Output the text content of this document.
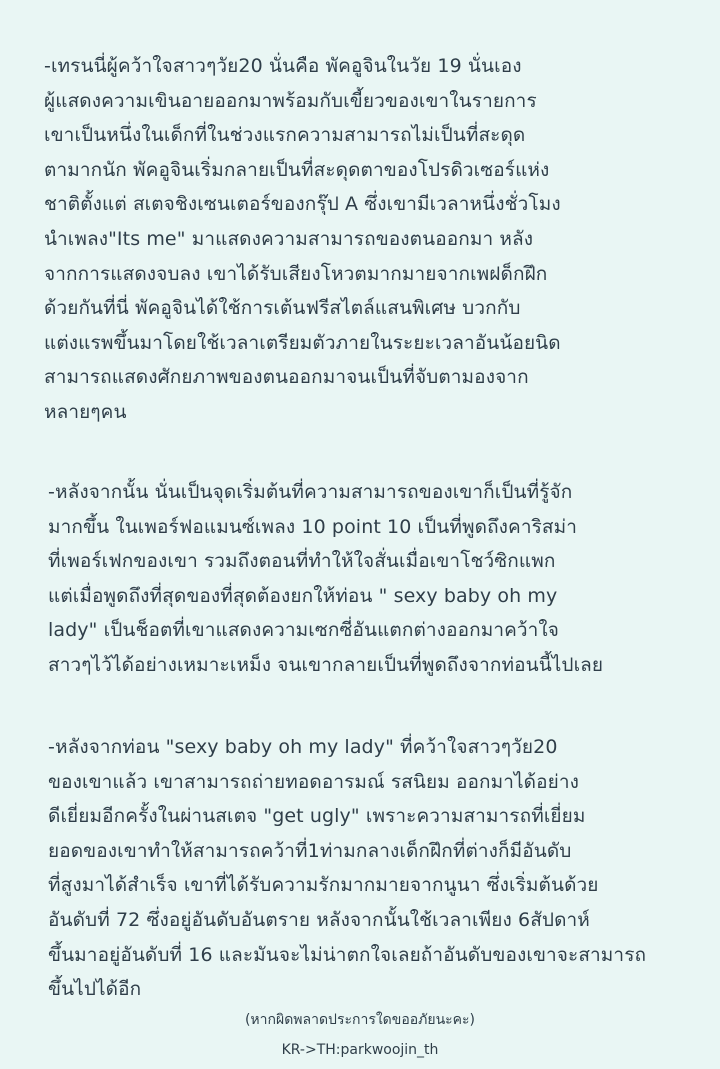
-เทรนนี่ผู้คว้าใจสาวๆวัย20 นั่นคือ พัคอูจินในวัย 19 นั่นเอง
ผู้แสดงความเขินอายออกมาพร้อมกับเขี้ยวของเขาในรายการ
เขาเป็นหนึ่งในเด็กที่ในช่วงแรกความสามารถไม่เป็นที่สะดุด
ตามากนัก พัคอูจินเริ่มกลายเป็นที่สะดุดตาของโปรดิวเซอร์แห่ง
ชาติตั้งแต่ สเตจชิงเซนเตอร์ของกรุ๊ป A ซึ่งเขามีเวลาหนึ่งชั่วโมง
นำเพลง"Its me" มาแสดงความสามารถของตนออกมา หลัง
จากการแสดงจบลง เขาได้รับเสียงโหวตมากมายจากเพฝด็กฝึก
ด้วยกันที่นี่ พัคอูจินได้ใช้การเต้นฟรีสไตล์แสนพิเศษ บวกกับ
แต่งแรพขึ้นมาโดยใช้เวลาเตรียมตัวภายในระยะเวลาอันน้อยนิด
สามารถแสดงศักยภาพของตนออกมาจนเป็นที่จับตามองจาก
หลายๆคน
-หลังจากนั้น นั่นเป็นจุดเริ่มต้นที่ความสามารถของเขาก็เป็นที่รู้จัก
มากขึ้น ในเพอร์ฟอแมนซ์เพลง 10 point 10 เป็นที่พูดถึงคาริสม่า
ที่เพอร์เฟกของเขา รวมถึงตอนที่ทำให้ใจสั่นเมื่อเขาโชว์ซิกแพก
แต่เมื่อพูดถึงที่สุดของที่สุดต้องยกให้ท่อน " sexy baby oh my
lady" เป็นช็อตที่เขาแสดงความเซกซี่อันแตกต่างออกมาคว้าใจ
สาวๆไว้ได้อย่างเหมาะเหม็ง จนเขากลายเป็นที่พูดถึงจากท่อนนี้ไปเลย
-หลังจากท่อน "sexy baby oh my lady" ที่คว้าใจสาวๆวัย20
ของเขาแล้ว เขาสามารถถ่ายทอดอารมณ์ รสนิยม ออกมาได้อย่าง
ดีเยี่ยมอีกครั้งในผ่านสเตจ "get ugly" เพราะความสามารถที่เยี่ยม
ยอดของเขาทำให้สามารถคว้าที่1ท่ามกลางเด็กฝึกที่ต่างก็มีอันดับ
ที่สูงมาได้สำเร็จ เขาที่ได้รับความรักมากมายจากนูนา ซึ่งเริ่มต้นด้วย
อันดับที่ 72 ซึ่งอยู่อันดับอันตราย หลังจากนั้นใช้เวลาเพียง 6สัปดาห์
ขึ้นมาอยู่อันดับที่ 16 และมันจะไม่น่าตกใจเลยถ้าอันดับของเขาจะสามารถ
ขึ้นไปได้อีก
(หากผิดพลาดประการใดขออภัยนะคะ)
KR->TH:parkwoojin_th
